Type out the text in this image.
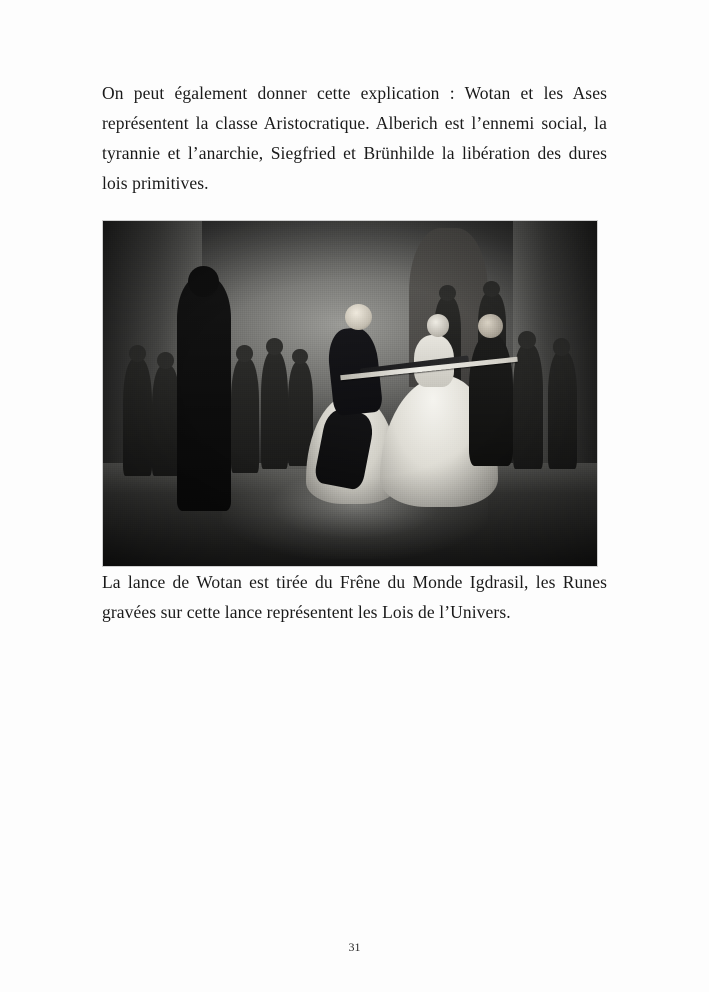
On peut également donner cette explication : Wotan et les Ases représentent la classe Aristocratique. Alberich est l’ennemi social, la tyrannie et l’anarchie, Siegfried et Brünhilde la libération des dures lois primitives.

La lance de Wotan est tirée du Frêne du Monde Igdrasil, les Runes gravées sur cette lance représentent les Lois de l’Univers.

31
